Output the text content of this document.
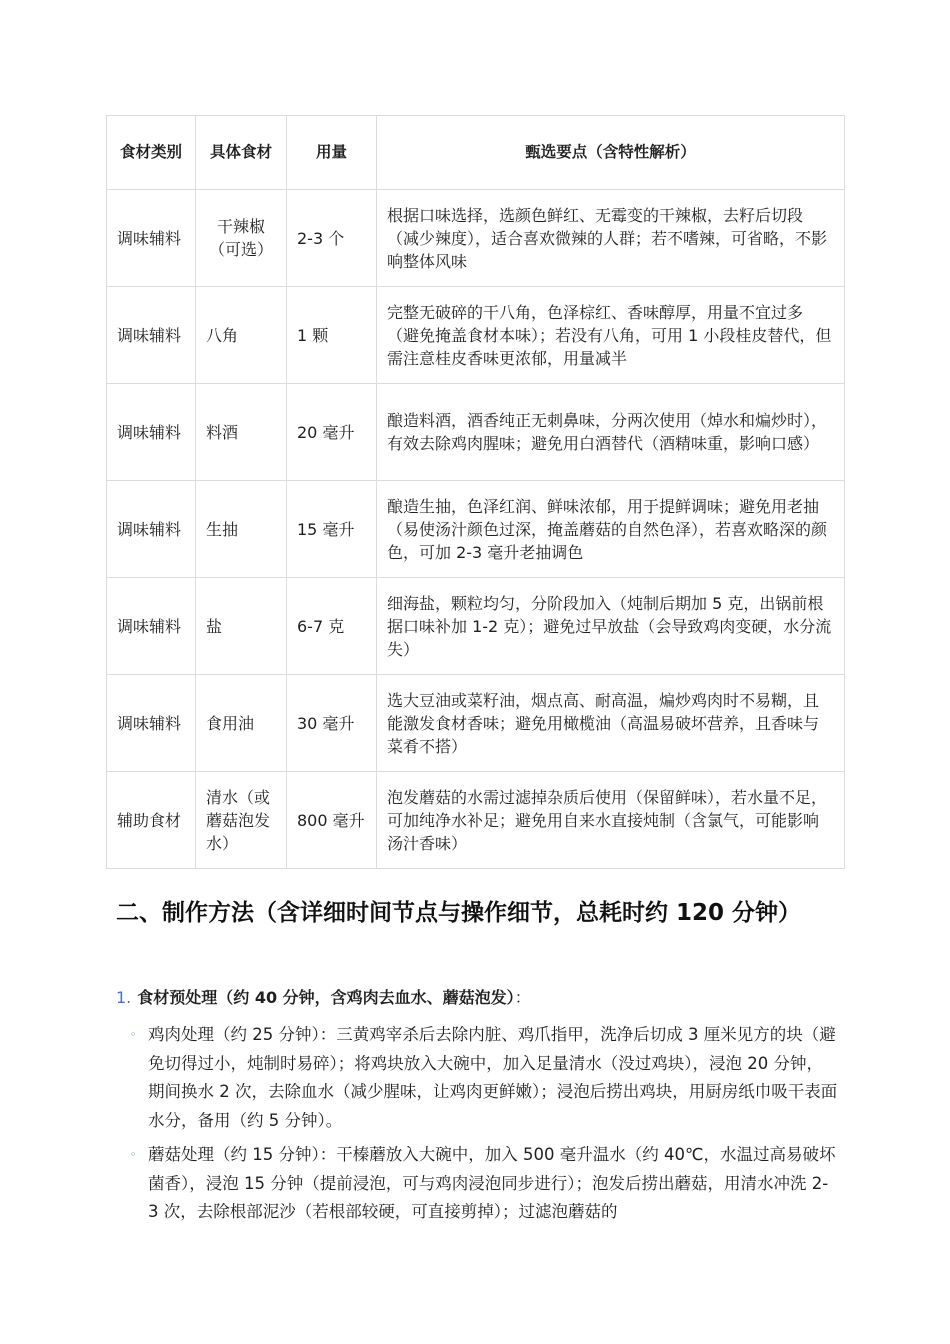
食材类别	具体食材	用量	甄选要点（含特性解析）
调味辅料	干辣椒（可选）	2-3 个	根据口味选择，选颜色鲜红、无霉变的干辣椒，去籽后切段（减少辣度），适合喜欢微辣的人群；若不嗜辣，可省略，不影响整体风味
调味辅料	八角	1 颗	完整无破碎的干八角，色泽棕红、香味醇厚，用量不宜过多（避免掩盖食材本味）；若没有八角，可用 1 小段桂皮替代，但需注意桂皮香味更浓郁，用量减半
调味辅料	料酒	20 毫升	酿造料酒，酒香纯正无刺鼻味，分两次使用（焯水和煸炒时），有效去除鸡肉腥味；避免用白酒替代（酒精味重，影响口感）
调味辅料	生抽	15 毫升	酿造生抽，色泽红润、鲜味浓郁，用于提鲜调味；避免用老抽（易使汤汁颜色过深，掩盖蘑菇的自然色泽），若喜欢略深的颜色，可加 2-3 毫升老抽调色
调味辅料	盐	6-7 克	细海盐，颗粒均匀，分阶段加入（炖制后期加 5 克，出锅前根据口味补加 1-2 克）；避免过早放盐（会导致鸡肉变硬，水分流失）
调味辅料	食用油	30 毫升	选大豆油或菜籽油，烟点高、耐高温，煸炒鸡肉时不易糊，且能激发食材香味；避免用橄榄油（高温易破坏营养，且香味与菜肴不搭）
辅助食材	清水（或蘑菇泡发水）	800 毫升	泡发蘑菇的水需过滤掉杂质后使用（保留鲜味），若水量不足，可加纯净水补足；避免用自来水直接炖制（含氯气，可能影响汤汁香味）
二、制作方法（含详细时间节点与操作细节，总耗时约 120 分钟）
1. 食材预处理（约 40 分钟，含鸡肉去血水、蘑菇泡发）：
◦ 鸡肉处理（约 25 分钟）：三黄鸡宰杀后去除内脏、鸡爪指甲，洗净后切成 3 厘米见方的块（避免切得过小，炖制时易碎）；将鸡块放入大碗中，加入足量清水（没过鸡块），浸泡 20 分钟，期间换水 2 次，去除血水（减少腥味，让鸡肉更鲜嫩）；浸泡后捞出鸡块，用厨房纸巾吸干表面水分，备用（约 5 分钟）。
◦ 蘑菇处理（约 15 分钟）：干榛蘑放入大碗中，加入 500 毫升温水（约 40℃，水温过高易破坏菌香），浸泡 15 分钟（提前浸泡，可与鸡肉浸泡同步进行）；泡发后捞出蘑菇，用清水冲洗 2-3 次，去除根部泥沙（若根部较硬，可直接剪掉）；过滤泡蘑菇的
